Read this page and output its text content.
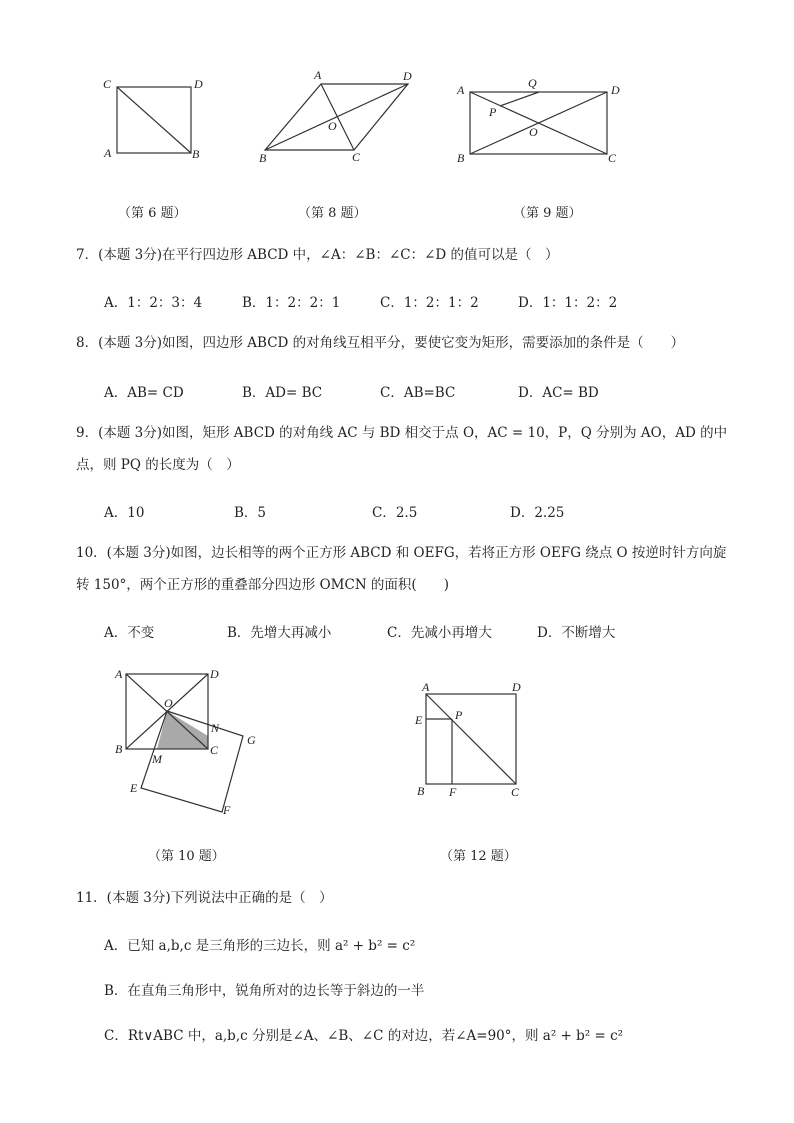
C	D
A	B
（第 6 题）
A	D
B	C
O
（第 8 题）
A	D
B	C
O
P
Q
（第 9 题）
7．(本题 3分)在平行四边形 ABCD 中，∠A：∠B：∠C：∠D 的值可以是（　）
A．1：2：3：4	B．1：2：2：1	C．1：2：1：2	D．1：1：2：2
8．(本题 3分)如图，四边形 ABCD 的对角线互相平分，要使它变为矩形，需要添加的条件是（　　）
A．AB= CD	B．AD= BC	C．AB=BC	D．AC= BD
9．(本题 3分)如图，矩形 ABCD 的对角线 AC 与 BD 相交于点 O，AC = 10，P，Q 分别为 AO，AD 的中
点，则 PQ 的长度为（　）
A．10	B．5	C．2.5	D．2.25
10．(本题 3分)如图，边长相等的两个正方形 ABCD 和 OEFG，若将正方形 OEFG 绕点 O 按逆时针方向旋
转 150°，两个正方形的重叠部分四边形 OMCN 的面积(　　)
A．不变	B．先增大再减小	C．先减小再增大	D．不断增大
A	D
B	C
O
N
G
M
E
F
（第 10 题）
A	D
E	P
B F	C
（第 12 题）
11．(本题 3分)下列说法中正确的是（　）
A．已知 a,b,c 是三角形的三边长，则 a² + b² = c²
B．在直角三角形中，锐角所对的边长等于斜边的一半
C．Rt∨ABC 中，a,b,c 分别是∠A、∠B、∠C 的对边，若∠A=90°，则 a² + b² = c²
